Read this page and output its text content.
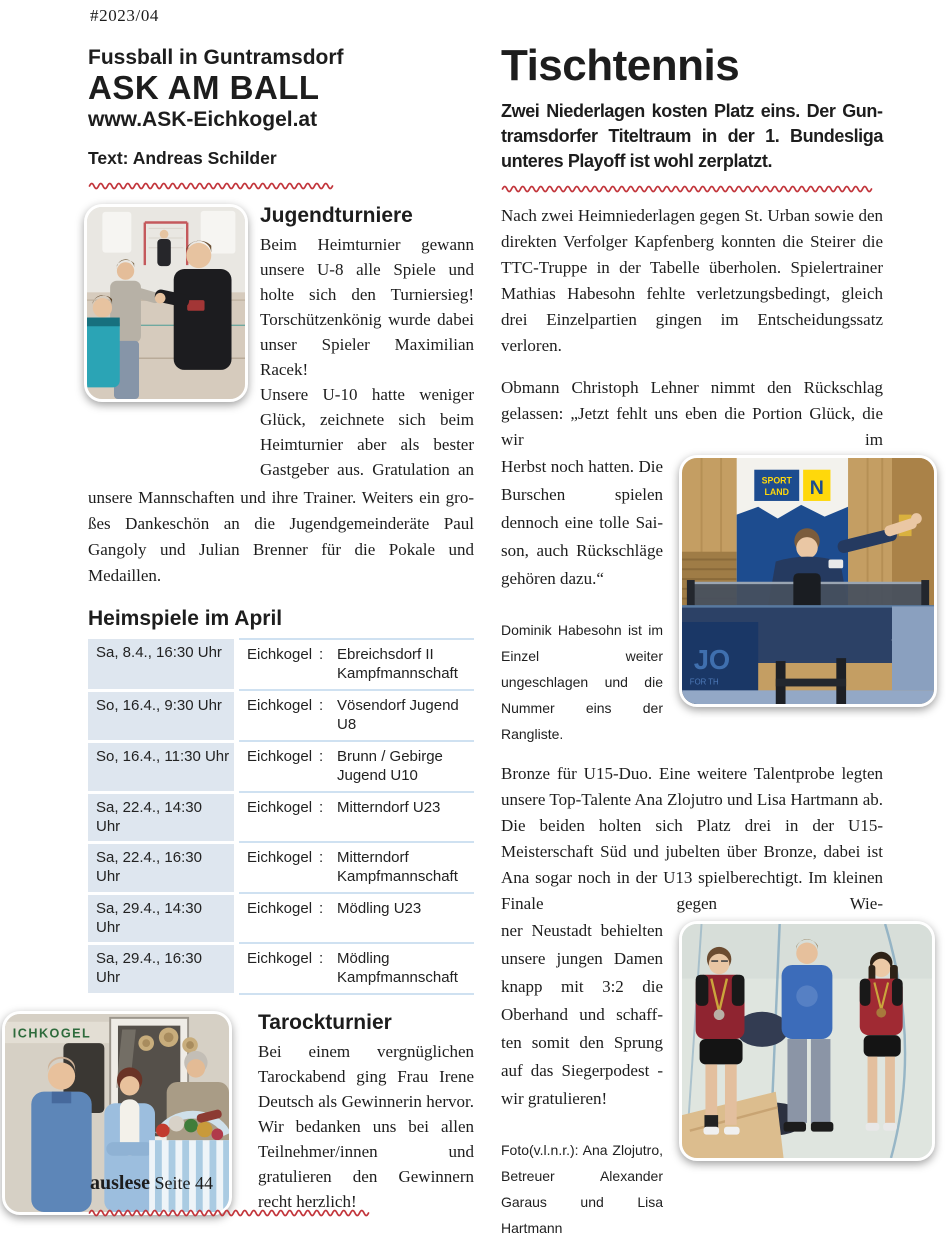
#2023/04
Fussball in Guntramsdorf
ASK AM BALL
www.ASK-Eichkogel.at
Text: Andreas Schilder
Jugendturniere

Beim Heimturnier gewann unsere U-8 alle Spiele und holte sich den Turniersieg! Torschützenkönig wurde dabei unser Spieler Maximilian Racek!

Unsere U-10 hatte weniger Glück, zeichnete sich beim Heimturnier aber als bester Gastgeber aus. Gratulation an

unsere Mannschaften und ihre Trainer. Weiters ein großes Dankeschön an die Jugendgemeinderäte Paul Gangoly und Julian Brenner für die Pokale und Medaillen.

Heimspiele im April
Sa, 8.4., 16:30 Uhr	Eichkogel : Ebreichsdorf II Kampfmannschaft
So, 16.4., 9:30 Uhr	Eichkogel : Vösendorf Jugend U8
So, 16.4., 11:30 Uhr	Eichkogel : Brunn / Gebirge Jugend U10
Sa, 22.4., 14:30 Uhr
Eichkogel : Mitterndorf U23
Sa, 22.4., 16:30 Uhr
Eichkogel : Mitterndorf Kampfmannschaft
Sa, 29.4., 14:30 Uhr
Eichkogel : Mödling U23
Sa, 29.4., 16:30 Uhr
Eichkogel : Mödling Kampfmannschaft
ICHKOGEL	Tarockturnier

Bei einem vergnüglichen Tarockabend ging Frau Irene Deutsch als Gewinnerin hervor. Wir bedanken uns bei allen Teilnehmer/innen und gratulieren den Gewinnern recht herzlich!

Tischtennis
Zwei Niederlagen kosten Platz eins. Der Guntramsdorfer Titeltraum in der 1. Bundesliga unteres Playoff ist wohl zerplatzt.

Nach zwei Heimniederlagen gegen St. Urban sowie den direkten Verfolger Kapfenberg konnten die Steirer die TTC-Truppe in der Tabelle überholen. Spielertrainer Mathias Habesohn fehlte verletzungsbedingt, gleich drei Einzelpartien gingen im Entscheidungssatz verloren.

Obmann Christoph Lehner nimmt den Rückschlag gelassen: „Jetzt fehlt uns eben die Portion Glück, die wir im

Herbst noch hatten. Die Burschen spielen dennoch eine tolle Saison, auch Rückschläge gehören dazu.“

Dominik Habesohn ist im Einzel weiter ungeschlagen und die Nummer eins der Rangliste.

SPORT
LAND N
JO
FOR TH

Bronze für U15-Duo. Eine weitere Talentprobe legten unsere Top-Talente Ana Zlojutro und Lisa Hartmann ab. Die beiden holten sich Platz drei in der U15-Meisterschaft Süd und jubelten über Bronze, dabei ist Ana sogar noch in der U13 spielberechtigt. Im kleinen Finale gegen Wie-

ner Neustadt behielten unsere jungen Damen knapp mit 3:2 die Oberhand und schafften somit den Sprung auf das Siegerpodest - wir gratulieren!

Foto(v.l.n.r.): Ana Zlojutro, Betreuer Alexander Garaus und Lisa Hartmann

auslese Seite 44
